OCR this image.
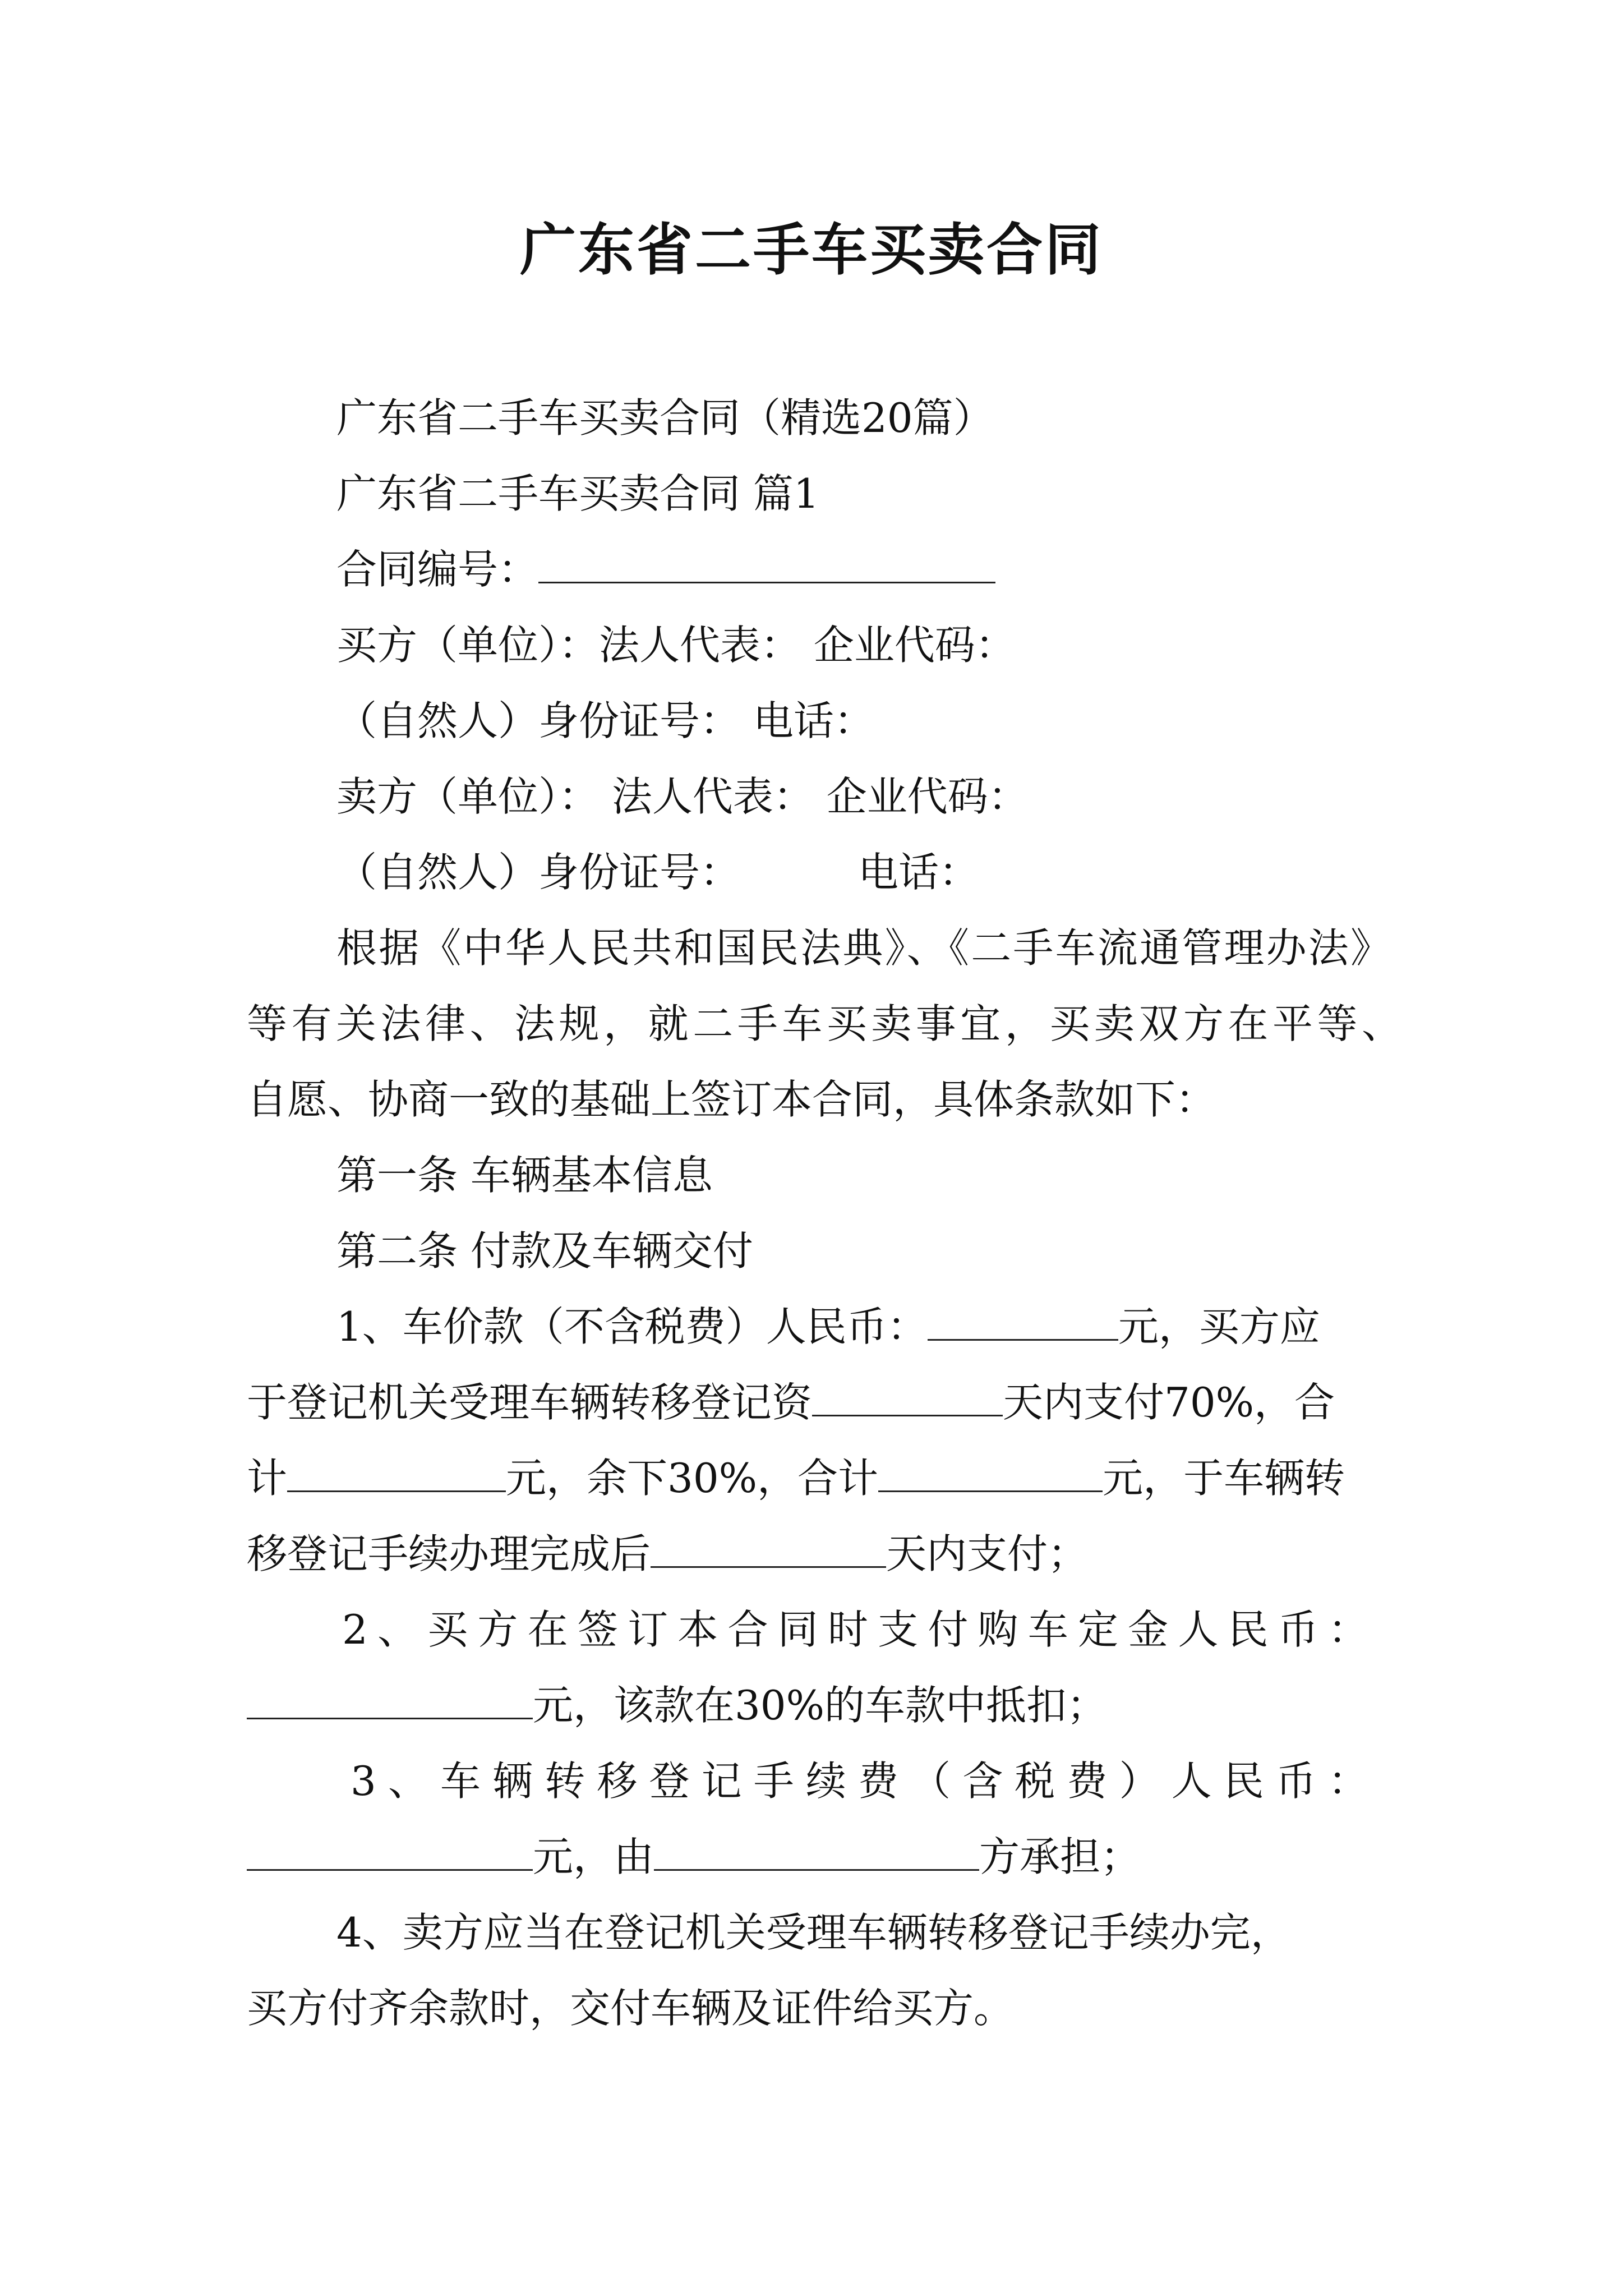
广东省二手车买卖合同
广东省二手车买卖合同（精选20篇）
广东省二手车买卖合同 篇1
合同编号：
买方（单位）：法人代表： 企业代码：
（自然人）身份证号： 电话：
卖方（单位）： 法人代表： 企业代码：
（自然人）身份证号：	电话：
根据《中华人民共和国民法典》、《二手车流通管理办法》
等有关法律、法规，就二手车买卖事宜，买卖双方在平等、
自愿、协商一致的基础上签订本合同，具体条款如下：
第一条 车辆基本信息
第二条 付款及车辆交付
1、车价款（不含税费）人民币：	元，买方应
于登记机关受理车辆转移登记资	天内支付70%，合
计	元，余下30%，合计	元，于车辆转
移登记手续办理完成后	天内支付；
2、买方在签订本合同时支付购车定金人民币：
元，该款在30%的车款中抵扣；
3、车辆转移登记手续费（含税费）人民币：
元，由	方承担；
4、卖方应当在登记机关受理车辆转移登记手续办完，
买方付齐余款时，交付车辆及证件给买方。
